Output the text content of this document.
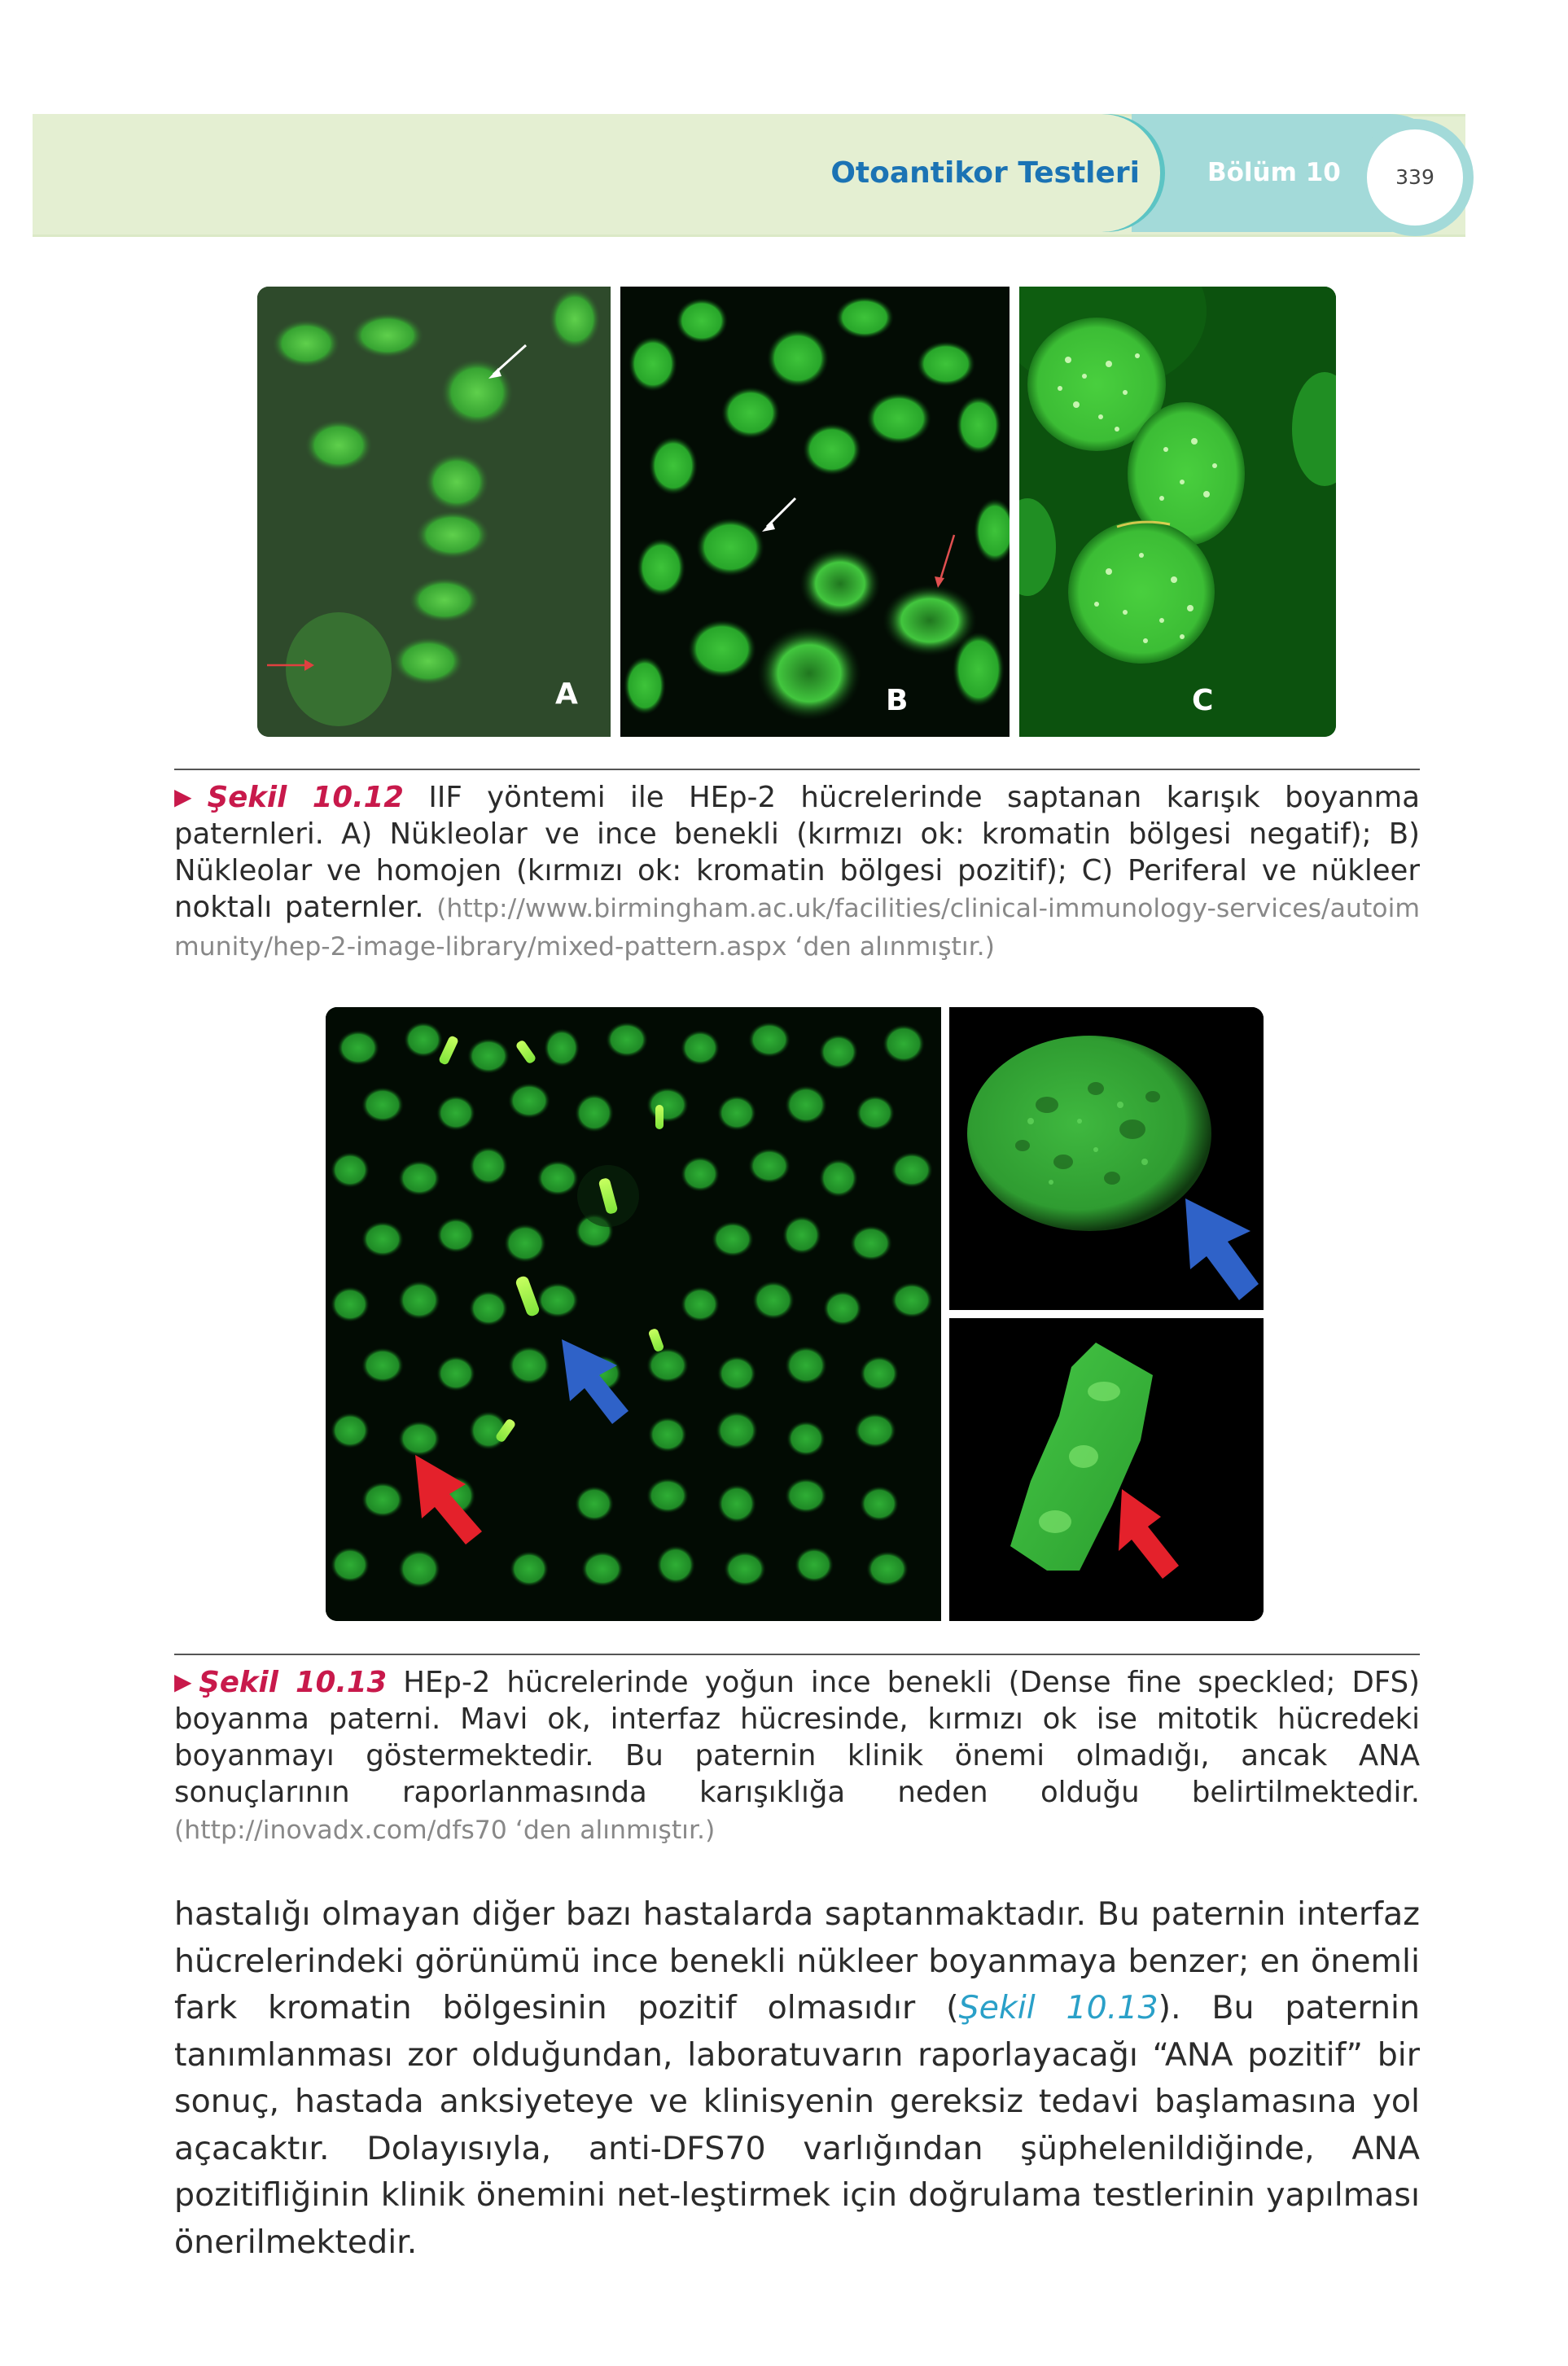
Otoantikor Testleri	Bölüm 10	339
A	B	C
▶Şekil 10.12 IIF yöntemi ile HEp-2 hücrelerinde saptanan karışık boyanma paternleri. A) Nükleolar ve ince benekli (kırmızı ok: kromatin bölgesi negatif); B) Nükleolar ve homojen (kırmızı ok: kromatin bölgesi pozitif); C) Periferal ve nükleer noktalı paternler. (http://www.birmingham.ac.uk/facilities/clinical-immunology-services/autoimmunity/hep-2-image-library/mixed-pattern.aspx ‘den alınmıştır.)
▶Şekil 10.13 HEp-2 hücrelerinde yoğun ince benekli (Dense fine speckled; DFS) boyanma paterni. Mavi ok, interfaz hücresinde, kırmızı ok ise mitotik hücredeki boyanmayı göstermektedir. Bu paternin klinik önemi olmadığı, ancak ANA sonuçlarının raporlanmasında karışıklığa neden olduğu belirtilmektedir. (http://inovadx.com/dfs70 ‘den alınmıştır.)
hastalığı olmayan diğer bazı hastalarda saptanmaktadır. Bu paternin interfaz hücrelerindeki görünümü ince benekli nükleer boyanmaya benzer; en önemli fark kromatin bölgesinin pozitif olmasıdır (Şekil 10.13). Bu paternin tanımlanması zor olduğundan, laboratuvarın raporlayacağı “ANA pozitif” bir sonuç, hastada anksiyeteye ve klinisyenin gereksiz tedavi başlamasına yol açacaktır. Dolayısıyla, anti-DFS70 varlığından şüphelenildiğinde, ANA pozitifliğinin klinik önemini net-leştirmek için doğrulama testlerinin yapılması önerilmektedir.
